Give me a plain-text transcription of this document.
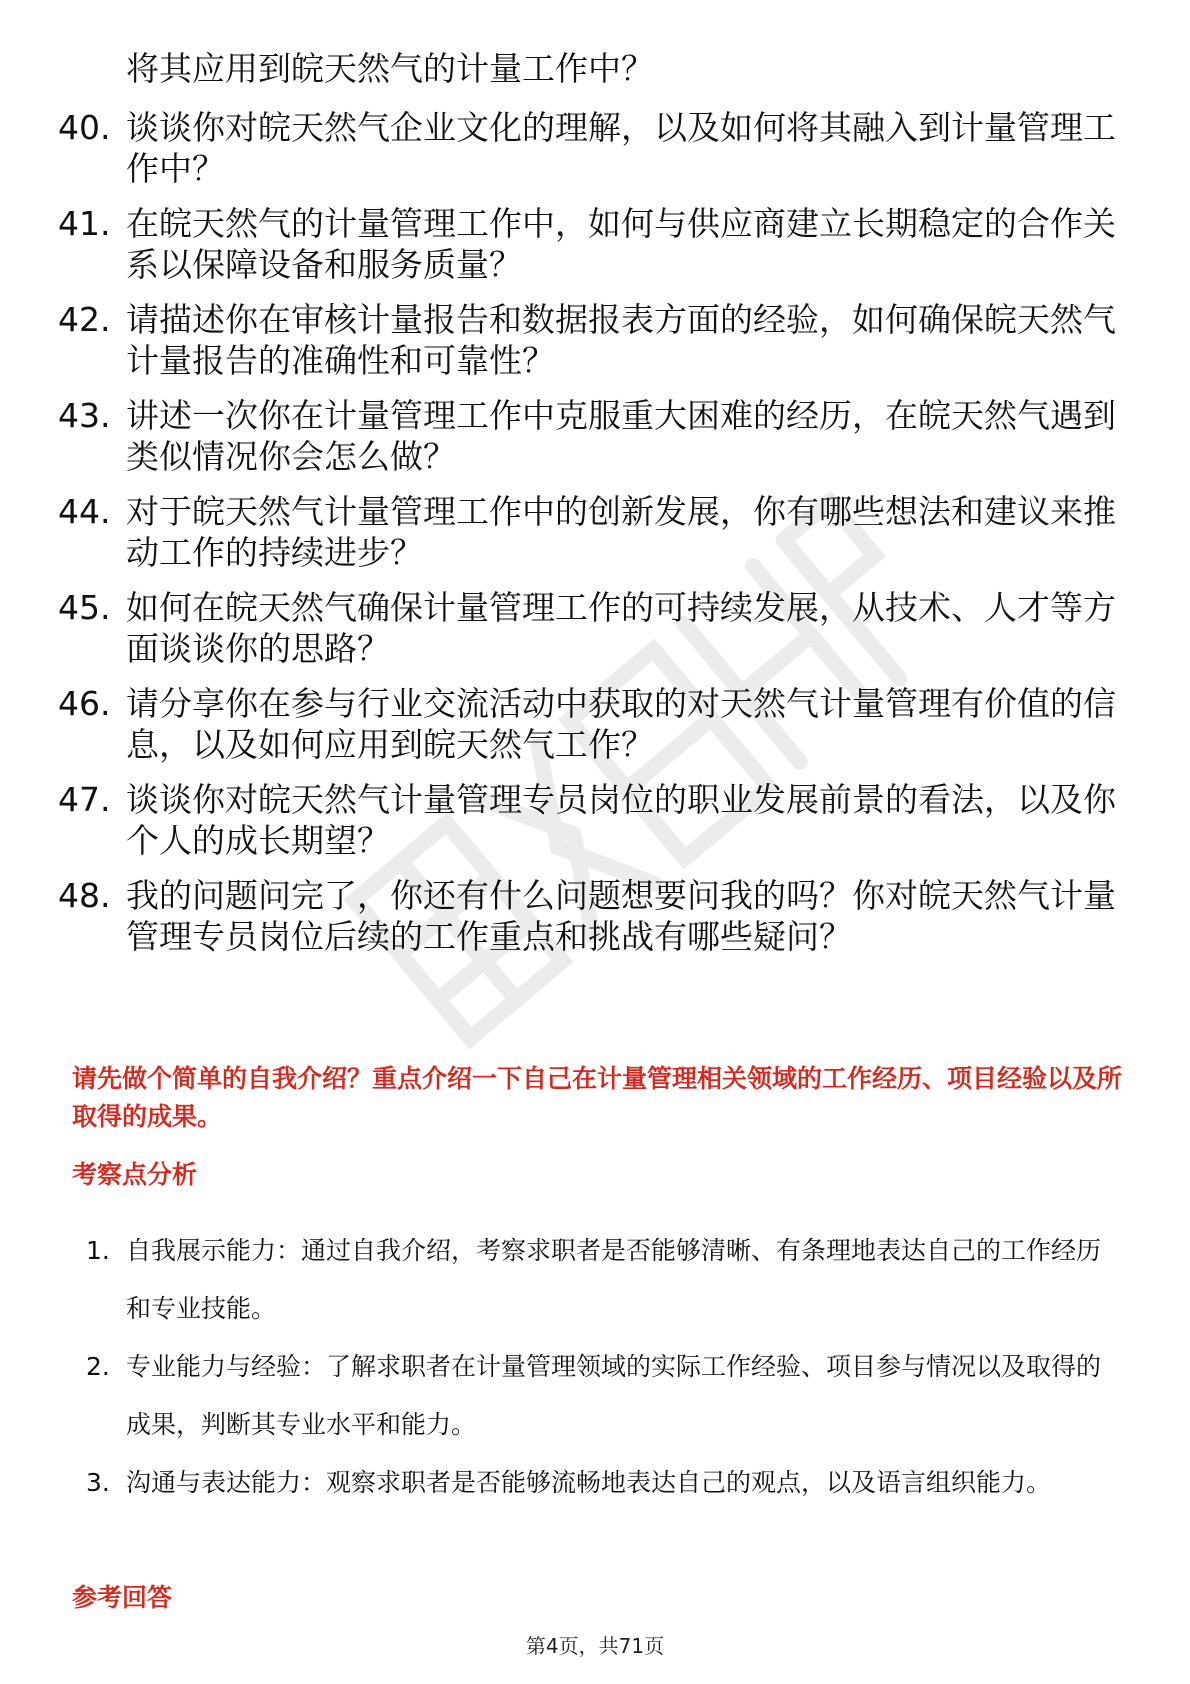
将其应用到皖天然气的计量工作中？
40. 谈谈你对皖天然气企业文化的理解，以及如何将其融入到计量管理工作中？
41. 在皖天然气的计量管理工作中，如何与供应商建立长期稳定的合作关系以保障设备和服务质量？
42. 请描述你在审核计量报告和数据报表方面的经验，如何确保皖天然气计量报告的准确性和可靠性？
43. 讲述一次你在计量管理工作中克服重大困难的经历，在皖天然气遇到类似情况你会怎么做？
44. 对于皖天然气计量管理工作中的创新发展，你有哪些想法和建议来推动工作的持续进步？
45. 如何在皖天然气确保计量管理工作的可持续发展，从技术、人才等方面谈谈你的思路？
46. 请分享你在参与行业交流活动中获取的对天然气计量管理有价值的信息，以及如何应用到皖天然气工作？
47. 谈谈你对皖天然气计量管理专员岗位的职业发展前景的看法，以及你个人的成长期望？
48. 我的问题问完了，你还有什么问题想要问我的吗？你对皖天然气计量管理专员岗位后续的工作重点和挑战有哪些疑问？
请先做个简单的自我介绍？重点介绍一下自己在计量管理相关领域的工作经历、项目经验以及所取得的成果。
考察点分析
1. 自我展示能力：通过自我介绍，考察求职者是否能够清晰、有条理地表达自己的工作经历和专业技能。
2. 专业能力与经验：了解求职者在计量管理领域的实际工作经验、项目参与情况以及取得的成果，判断其专业水平和能力。
3. 沟通与表达能力：观察求职者是否能够流畅地表达自己的观点，以及语言组织能力。
参考回答
第4页，共71页
